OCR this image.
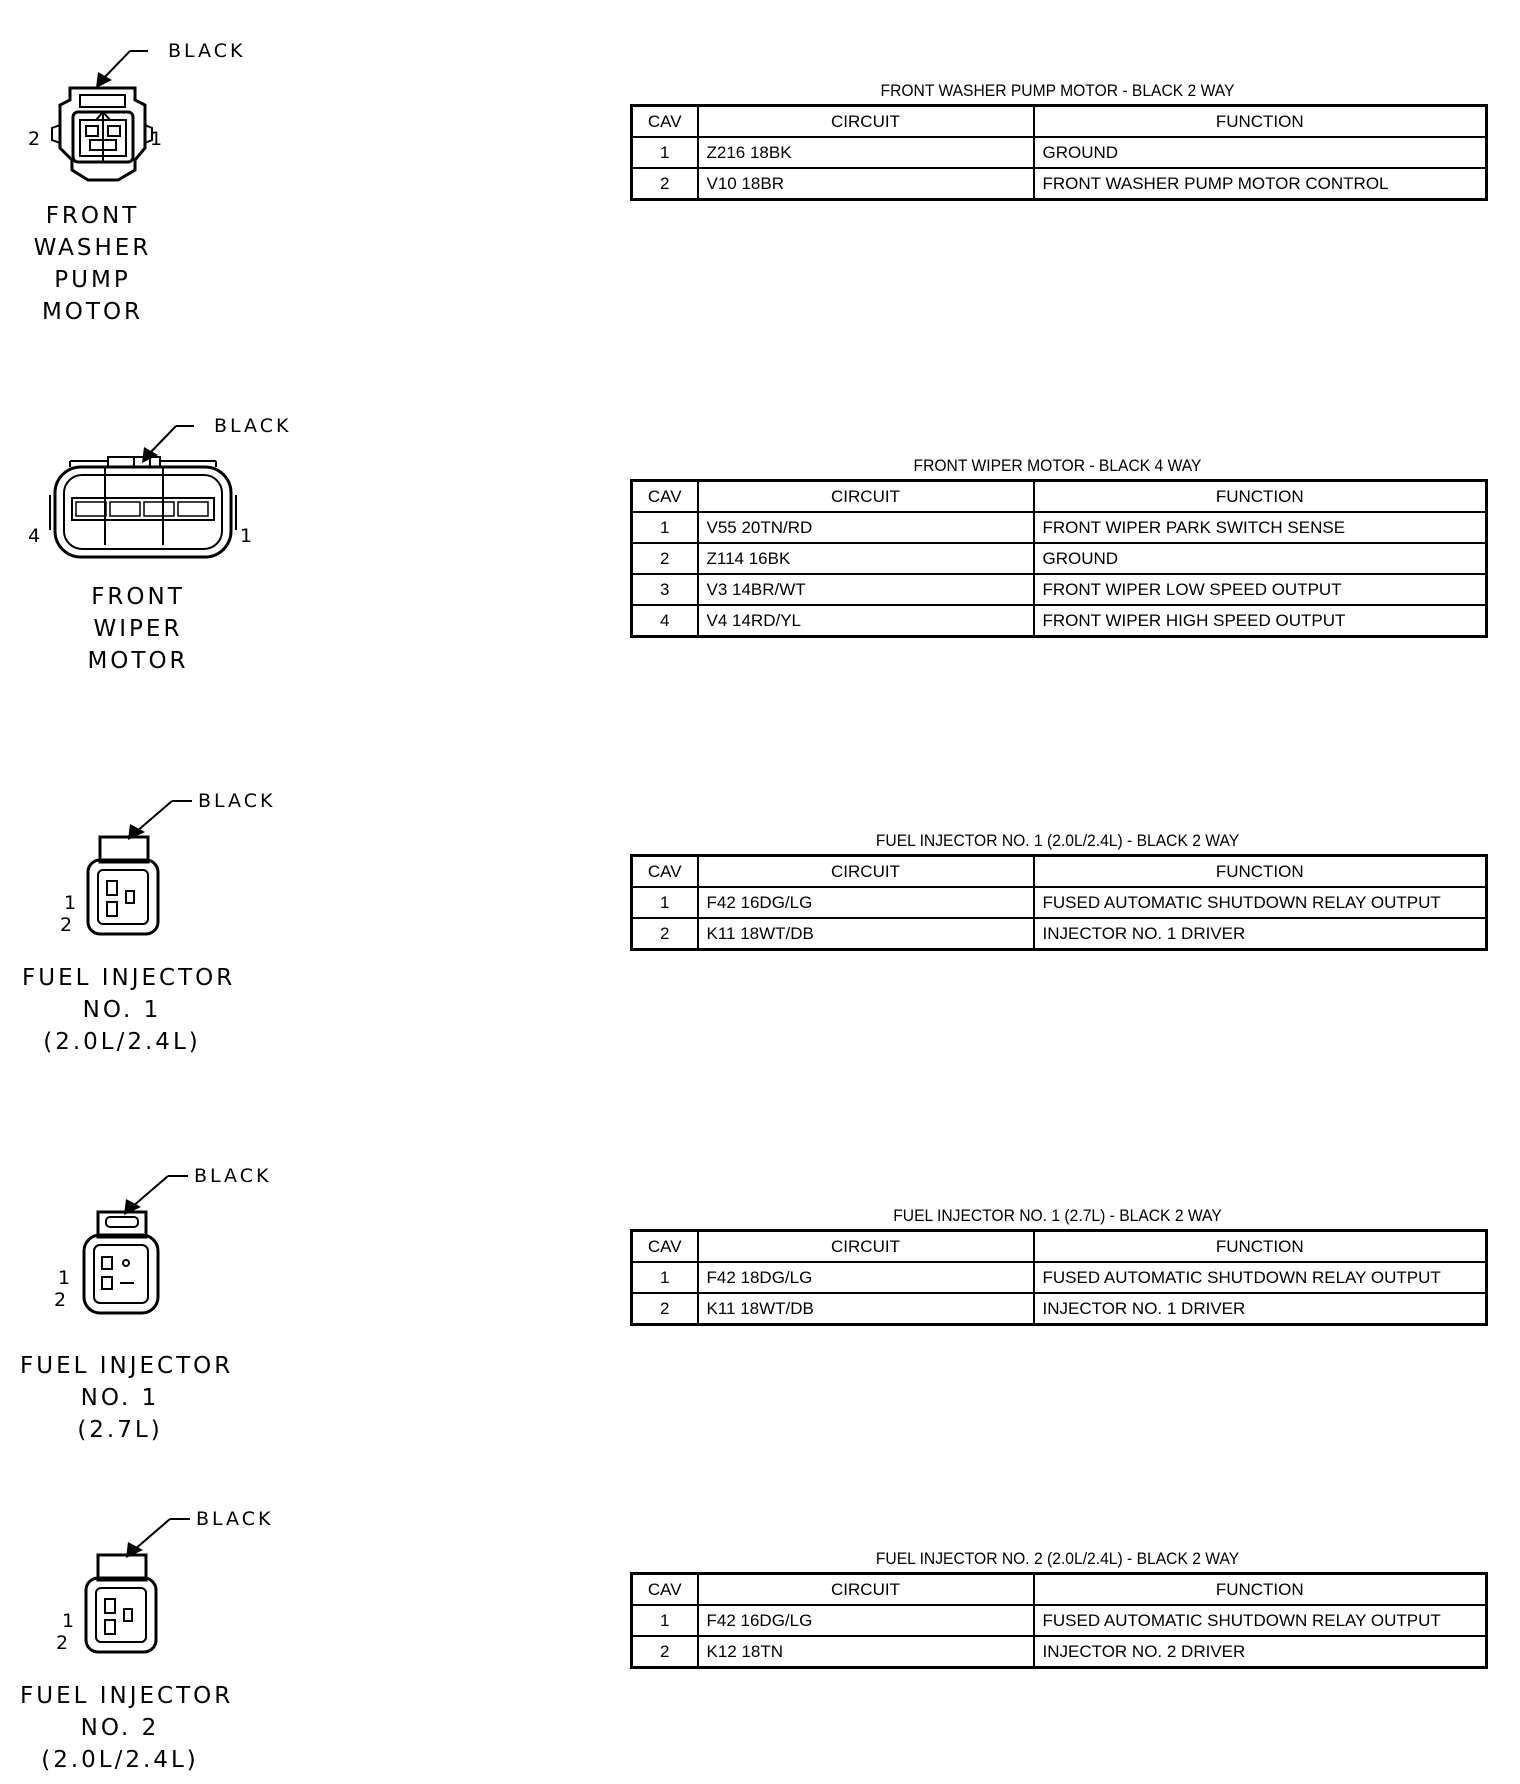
BLACK
2	1
FRONT
WASHER
PUMP
MOTOR
FRONT WASHER PUMP MOTOR - BLACK 2 WAY
CAV	CIRCUIT	FUNCTION
1	Z216 18BK	GROUND
2	V10 18BR	FRONT WASHER PUMP MOTOR CONTROL
BLACK
4	1
FRONT
WIPER
MOTOR
FRONT WIPER MOTOR - BLACK 4 WAY
CAV	CIRCUIT	FUNCTION
1	V55 20TN/RD	FRONT WIPER PARK SWITCH SENSE
2	Z114 16BK	GROUND
3	V3 14BR/WT	FRONT WIPER LOW SPEED OUTPUT
4	V4 14RD/YL	FRONT WIPER HIGH SPEED OUTPUT
BLACK
1
2
FUEL INJECTOR
NO. 1
(2.0L/2.4L)
FUEL INJECTOR NO. 1 (2.0L/2.4L) - BLACK 2 WAY
CAV	CIRCUIT	FUNCTION
1	F42 16DG/LG	FUSED AUTOMATIC SHUTDOWN RELAY OUTPUT
2	K11 18WT/DB	INJECTOR NO. 1 DRIVER
BLACK
1
2
FUEL INJECTOR
NO. 1
(2.7L)
FUEL INJECTOR NO. 1 (2.7L) - BLACK 2 WAY
CAV	CIRCUIT	FUNCTION
1	F42 18DG/LG	FUSED AUTOMATIC SHUTDOWN RELAY OUTPUT
2	K11 18WT/DB	INJECTOR NO. 1 DRIVER
BLACK
1
2
FUEL INJECTOR
NO. 2
(2.0L/2.4L)
FUEL INJECTOR NO. 2 (2.0L/2.4L) - BLACK 2 WAY
CAV	CIRCUIT	FUNCTION
1	F42 16DG/LG	FUSED AUTOMATIC SHUTDOWN RELAY OUTPUT
2	K12 18TN	INJECTOR NO. 2 DRIVER
